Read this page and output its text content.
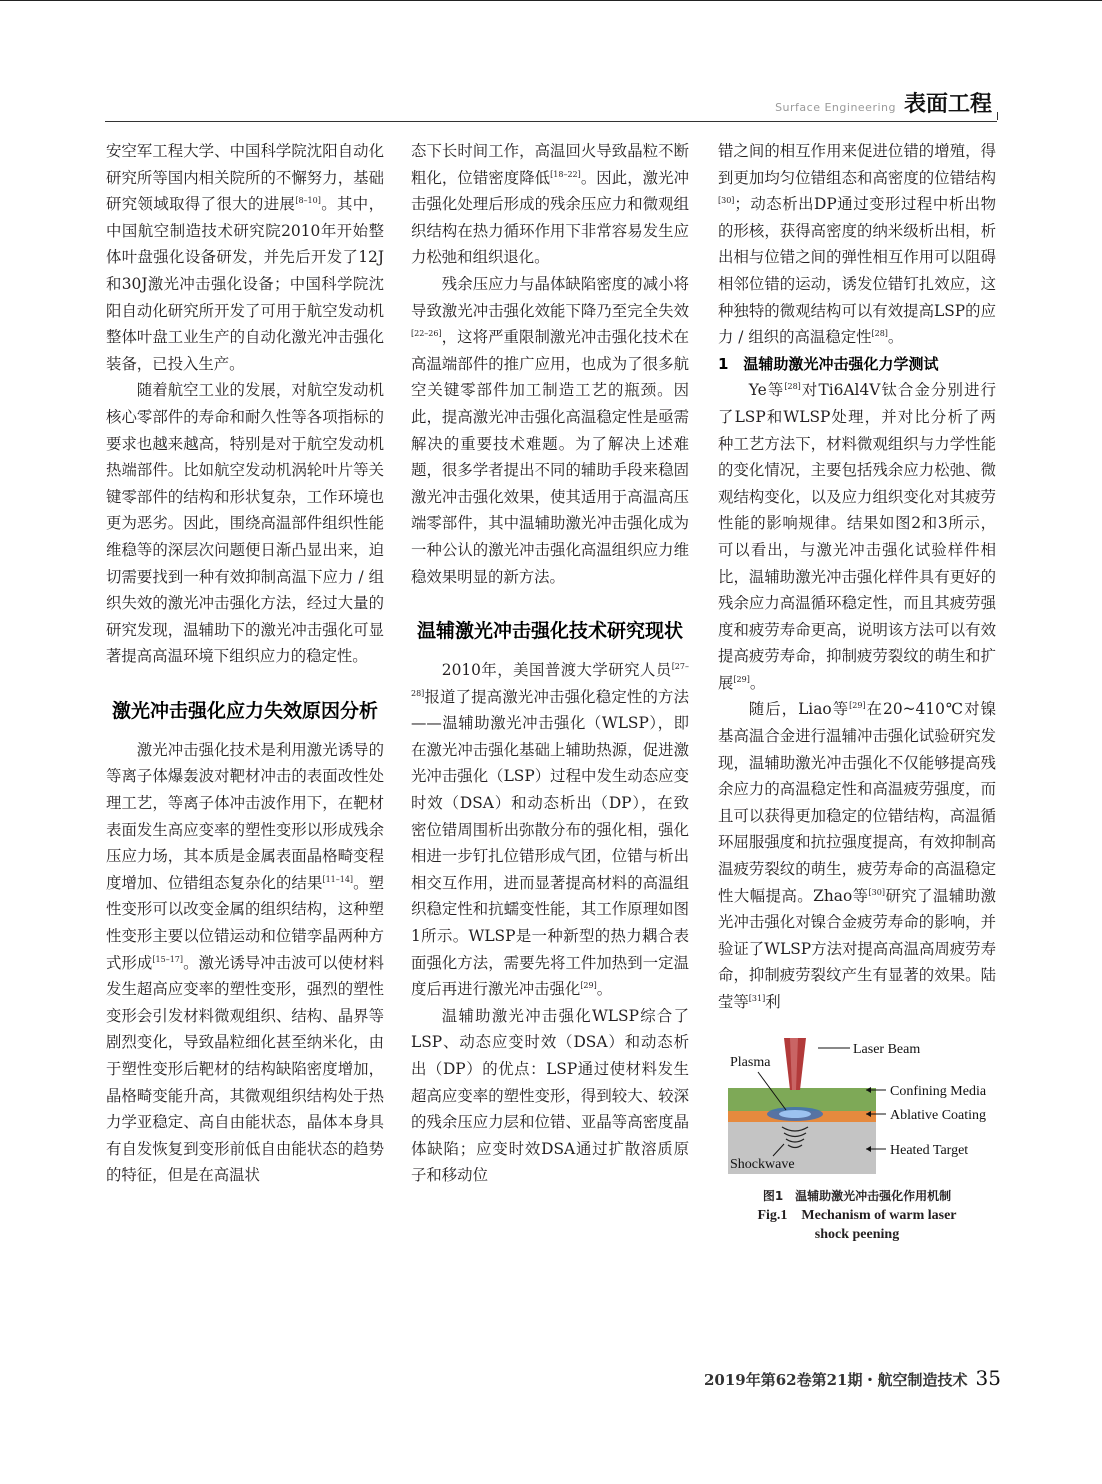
Surface Engineering 表面工程

安空军工程大学、中国科学院沈阳自动化研究所等国内相关院所的不懈努力，基础研究领域取得了很大的进展[8–10]。其中，中国航空制造技术研究院2010年开始整体叶盘强化设备研发，并先后开发了12J和30J激光冲击强化设备；中国科学院沈阳自动化研究所开发了可用于航空发动机整体叶盘工业生产的自动化激光冲击强化装备，已投入生产。

随着航空工业的发展，对航空发动机核心零部件的寿命和耐久性等各项指标的要求也越来越高，特别是对于航空发动机热端部件。比如航空发动机涡轮叶片等关键零部件的结构和形状复杂，工作环境也更为恶劣。因此，围绕高温部件组织性能维稳等的深层次问题便日渐凸显出来，迫切需要找到一种有效抑制高温下应力 / 组织失效的激光冲击强化方法，经过大量的研究发现，温辅助下的激光冲击强化可显著提高高温环境下组织应力的稳定性。

激光冲击强化应力失效原因分析

激光冲击强化技术是利用激光诱导的等离子体爆轰波对靶材冲击的表面改性处理工艺，等离子体冲击波作用下，在靶材表面发生高应变率的塑性变形以形成残余压应力场，其本质是金属表面晶格畸变程度增加、位错组态复杂化的结果[11–14]。塑性变形可以改变金属的组织结构，这种塑性变形主要以位错运动和位错孪晶两种方式形成[15–17]。激光诱导冲击波可以使材料发生超高应变率的塑性变形，强烈的塑性变形会引发材料微观组织、结构、晶界等剧烈变化，导致晶粒细化甚至纳米化，由于塑性变形后靶材的结构缺陷密度增加，晶格畸变能升高，其微观组织结构处于热力学亚稳定、高自由能状态，晶体本身具有自发恢复到变形前低自由能状态的趋势的特征，但是在高温状

态下长时间工作，高温回火导致晶粒不断粗化，位错密度降低[18–22]。因此，激光冲击强化处理后形成的残余压应力和微观组织结构在热力循环作用下非常容易发生应力松弛和组织退化。

残余压应力与晶体缺陷密度的减小将导致激光冲击强化效能下降乃至完全失效[22–26]，这将严重限制激光冲击强化技术在高温端部件的推广应用，也成为了很多航空关键零部件加工制造工艺的瓶颈。因此，提高激光冲击强化高温稳定性是亟需解决的重要技术难题。为了解决上述难题，很多学者提出不同的辅助手段来稳固激光冲击强化效果，使其适用于高温高压端零部件，其中温辅助激光冲击强化成为一种公认的激光冲击强化高温组织应力维稳效果明显的新方法。

温辅激光冲击强化技术研究现状

2010年，美国普渡大学研究人员[27–28]报道了提高激光冲击强化稳定性的方法——温辅助激光冲击强化（WLSP），即在激光冲击强化基础上辅助热源，促进激光冲击强化（LSP）过程中发生动态应变时效（DSA）和动态析出（DP），在致密位错周围析出弥散分布的强化相，强化相进一步钉扎位错形成气团，位错与析出相交互作用，进而显著提高材料的高温组织稳定性和抗蠕变性能，其工作原理如图1所示。WLSP是一种新型的热力耦合表面强化方法，需要先将工件加热到一定温度后再进行激光冲击强化[29]。

温辅助激光冲击强化WLSP综合了LSP、动态应变时效（DSA）和动态析出（DP）的优点：LSP通过使材料发生超高应变率的塑性变形，得到较大、较深的残余压应力层和位错、亚晶等高密度晶体缺陷；应变时效DSA通过扩散溶质原子和移动位

错之间的相互作用来促进位错的增殖，得到更加均匀位错组态和高密度的位错结构[30]；动态析出DP通过变形过程中析出物的形核，获得高密度的纳米级析出相，析出相与位错之间的弹性相互作用可以阻碍相邻位错的运动，诱发位错钉扎效应，这种独特的微观结构可以有效提高LSP的应力 / 组织的高温稳定性[28]。

1　温辅助激光冲击强化力学测试

Ye等[28]对Ti6Al4V钛合金分别进行了LSP和WLSP处理，并对比分析了两种工艺方法下，材料微观组织与力学性能的变化情况，主要包括残余应力松弛、微观结构变化，以及应力组织变化对其疲劳性能的影响规律。结果如图2和3所示，可以看出，与激光冲击强化试验样件相比，温辅助激光冲击强化样件具有更好的残余应力高温循环稳定性，而且其疲劳强度和疲劳寿命更高，说明该方法可以有效提高疲劳寿命，抑制疲劳裂纹的萌生和扩展[29]。

随后，Liao等[29]在20~410℃对镍基高温合金进行温辅冲击强化试验研究发现，温辅助激光冲击强化不仅能够提高残余应力的高温稳定性和高温疲劳强度，而且可以获得更加稳定的位错结构，高温循环屈服强度和抗拉强度提高，有效抑制高温疲劳裂纹的萌生，疲劳寿命的高温稳定性大幅提高。Zhao等[30]研究了温辅助激光冲击强化对镍合金疲劳寿命的影响，并验证了WLSP方法对提高高温高周疲劳寿命，抑制疲劳裂纹产生有显著的效果。陆莹等[31]利

Plasma
Laser Beam
Confining Media
Ablative Coating
Heated Target
Shockwave
图1　温辅助激光冲击强化作用机制
Fig.1　Mechanism of warm laser
shock peening
2019年第62卷第21期・航空制造技术 35
